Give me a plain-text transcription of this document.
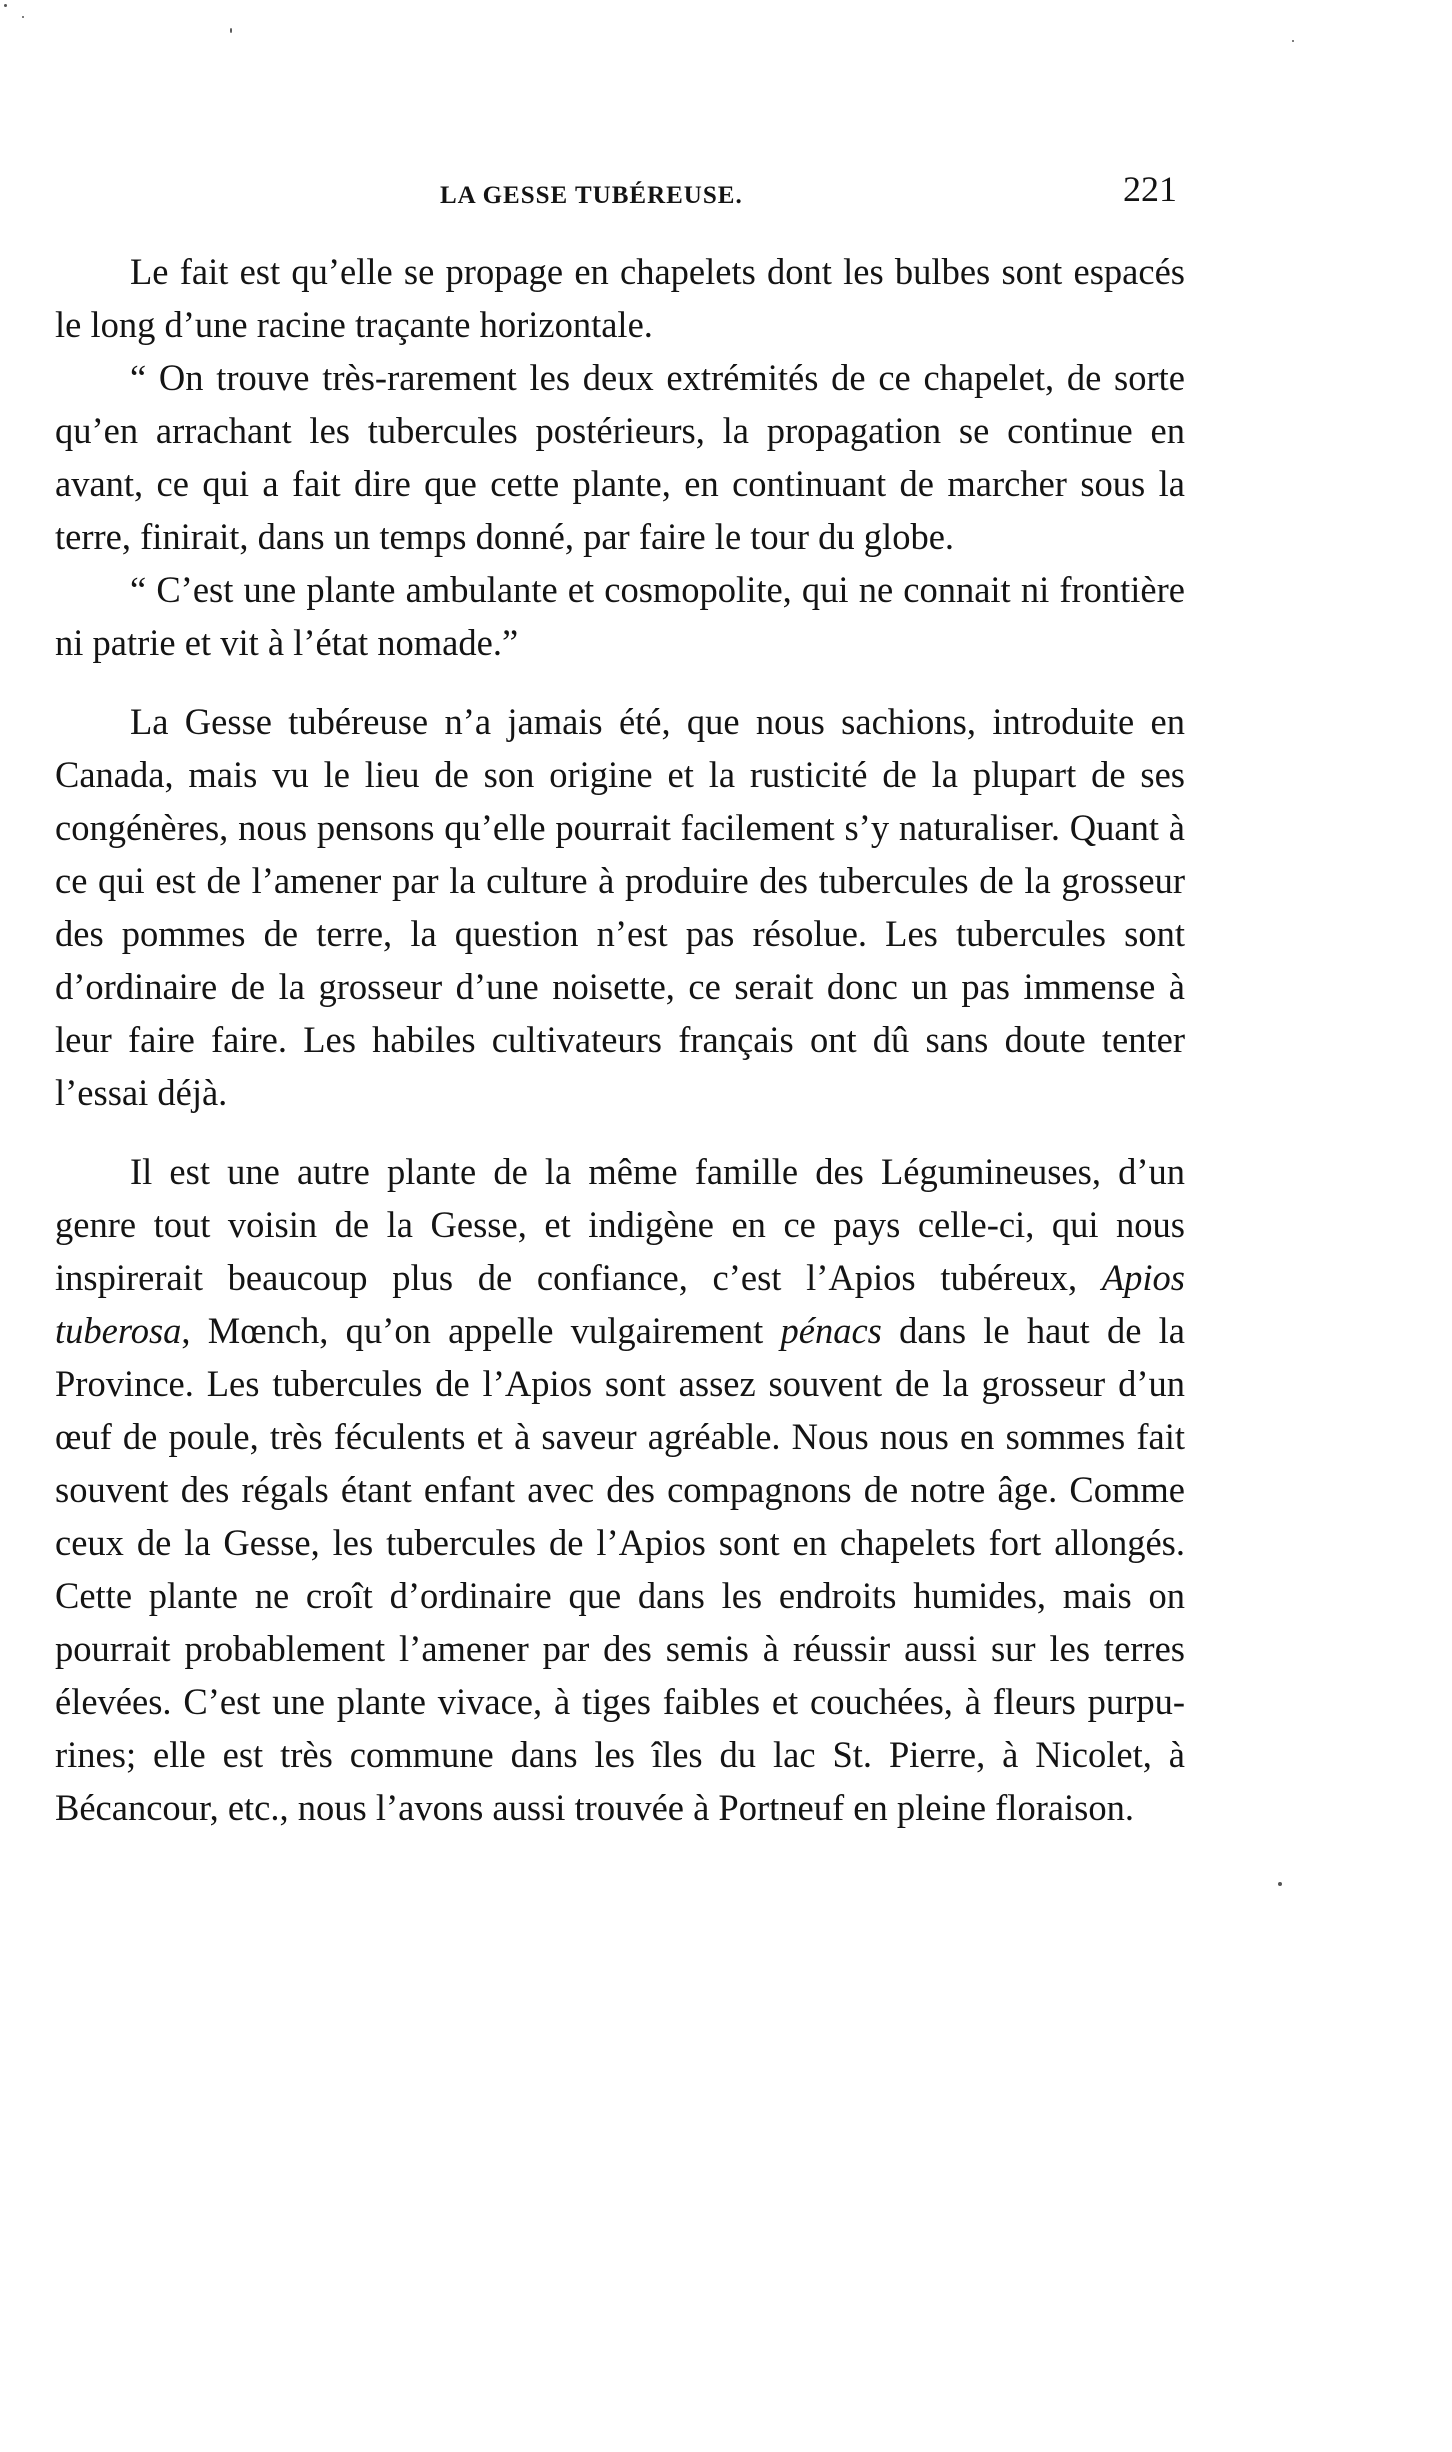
LA GESSE TUBÉREUSE.	221

Le fait est qu’elle se propage en chapelets dont les bulbes sont espacés le long d’une racine traçante horizontale.

“ On trouve très-rarement les deux extrémités de ce chapelet, de sorte qu’en arrachant les tubercules postérieurs, la propagation se continue en avant, ce qui a fait dire que cette plante, en continuant de marcher sous la terre, finirait, dans un temps donné, par faire le tour du globe.

“ C’est une plante ambulante et cosmopolite, qui ne connait ni frontière ni patrie et vit à l’état nomade.”

La Gesse tubéreuse n’a jamais été, que nous sachions, introduite en Canada, mais vu le lieu de son origine et la rusticité de la plupart de ses congénères, nous pensons qu’elle pourrait facilement s’y naturaliser. Quant à ce qui est de l’amener par la culture à produire des tubercules de la grosseur des pommes de terre, la question n’est pas résolue. Les tubercules sont d’ordinaire de la grosseur d’une noisette, ce serait donc un pas immense à leur faire faire. Les habiles cultivateurs français ont dû sans doute tenter l’essai déjà.

Il est une autre plante de la même famille des Légumineuses, d’un genre tout voisin de la Gesse, et indigène en ce pays celle-ci, qui nous inspirerait beaucoup plus de confiance, c’est l’Apios tubéreux, Apios tuberosa, Mœnch, qu’on appelle vulgairement pénacs dans le haut de la Province. Les tubercules de l’Apios sont assez souvent de la grosseur d’un œuf de poule, très féculents et à saveur agréable. Nous nous en sommes fait souvent des régals étant enfant avec des compagnons de notre âge. Comme ceux de la Gesse, les tubercules de l’Apios sont en chapelets fort allongés. Cette plante ne croît d’ordinaire que dans les endroits humides, mais on pourrait probablement l’amener par des semis à réussir aussi sur les terres élevées. C’est une plante vivace, à tiges faibles et couchées, à fleurs purpurines; elle est très commune dans les îles du lac St. Pierre, à Nicolet, à Bécancour, etc., nous l’avons aussi trouvée à Portneuf en pleine floraison.
